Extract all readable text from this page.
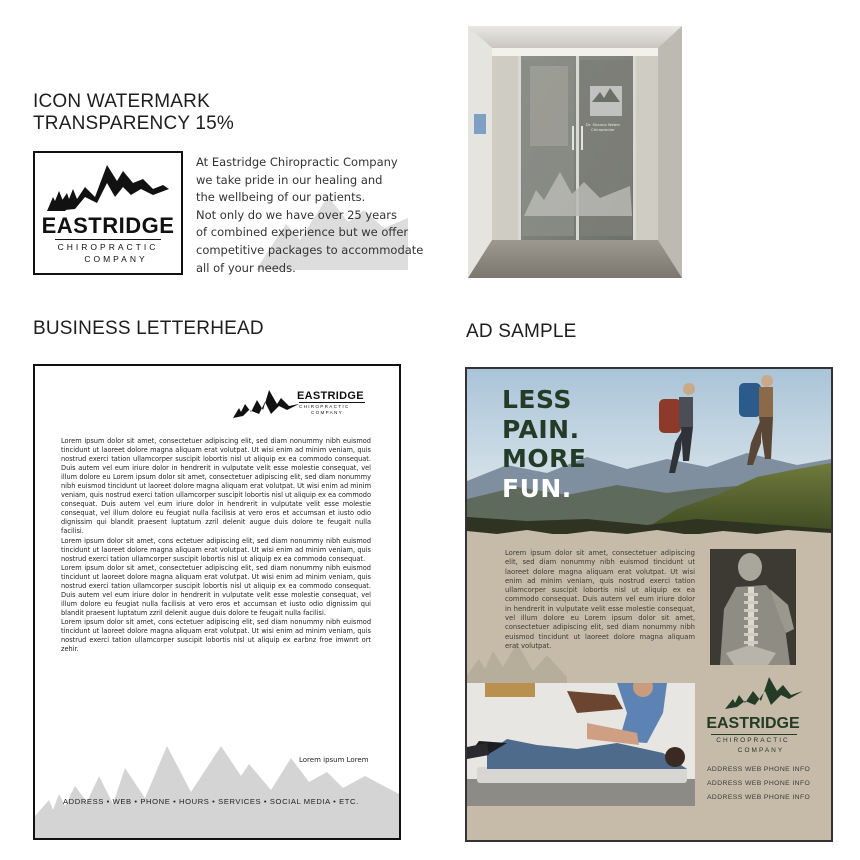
ICON WATERMARK
TRANSPARENCY 15%
EASTRIDGE
CHIROPRACTIC
COMPANY
At Eastridge Chiropractic Company
we take pride in our healing and
the wellbeing of our patients.
Not only do we have over 25 years
of combined experience but we offer
competitive packages to accommodate
all of your needs.
Dr. Shanna Weber
Chiropractor
BUSINESS LETTERHEAD
EASTRIDGE
CHIROPRACTIC
COMPANY

Lorem ipsum dolor sit amet, consectetuer adipiscing elit, sed diam nonummy nibh euismod tincidunt ut laoreet dolore magna aliquam erat volutpat. Ut wisi enim ad minim veniam, quis nostrud exerci tation ullamcorper suscipit lobortis nisl ut aliquip ex ea commodo consequat. Duis autem vel eum iriure dolor in hendrerit in vulputate velit esse molestie consequat, vel illum dolore eu Lorem ipsum dolor sit amet, consectetuer adipiscing elit, sed diam nonummy nibh euismod tincidunt ut laoreet dolore magna aliquam erat volutpat. Ut wisi enim ad minim veniam, quis nostrud exerci tation ullamcorper suscipit lobortis nisl ut aliquip ex ea commodo consequat. Duis autem vel eum iriure dolor in hendrerit in vulputate velit esse molestie consequat, vel illum dolore eu feugiat nulla facilisis at vero eros et accumsan et iusto odio dignissim qui blandit praesent luptatum zzril delenit augue duis dolore te feugait nulla facilisi.

Lorem ipsum dolor sit amet, cons ectetuer adipiscing elit, sed diam nonummy nibh euismod tincidunt ut laoreet dolore magna aliquam erat volutpat. Ut wisi enim ad minim veniam, quis nostrud exerci tation ullamcorper suscipit lobortis nisl ut aliquip ex ea commodo consequat.

Lorem ipsum dolor sit amet, consectetuer adipiscing elit, sed diam nonummy nibh euismod tincidunt ut laoreet dolore magna aliquam erat volutpat. Ut wisi enim ad minim veniam, quis nostrud exerci tation ullamcorper suscipit lobortis nisl ut aliquip ex ea commodo consequat. Duis autem vel eum iriure dolor in hendrerit in vulputate velit esse molestie consequat, vel illum dolore eu feugiat nulla facilisis at vero eros et accumsan et iusto odio dignissim qui blandit praesent luptatum zzril delenit augue duis dolore te feugait nulla facilisi.

Lorem ipsum dolor sit amet, cons ectetuer adipiscing elit, sed diam nonummy nibh euismod tincidunt ut laoreet dolore magna aliquam erat volutpat. Ut wisi enim ad minim veniam, quis nostrud exerci tation ullamcorper suscipit lobortis nisl ut aliquip ex earbnz froe imwnrt ort zehir.

Lorem ipsum Lorem
ADDRESS • WEB • PHONE • HOURS • SERVICES • SOCIAL MEDIA • ETC.
AD SAMPLE
LESS
PAIN.
MORE
FUN.
Lorem ipsum dolor sit amet, consectetuer adipiscing elit, sed diam nonummy nibh euismod tincidunt ut laoreet dolore magna aliquam erat volutpat. Ut wisi enim ad minim veniam, quis nostrud exerci tation ullamcorper suscipit lobortis nisl ut aliquip ex ea commodo consequat. Duis autem vel eum iriure dolor in hendrerit in vulputate velit esse molestie consequat, vel illum dolore eu Lorem ipsum dolor sit amet, consectetuer adipiscing elit, sed diam nonummy nibh euismod tincidunt ut laoreet dolore magna aliquam erat volutpat.
EASTRIDGE
CHIROPRACTIC
COMPANY
ADDRESS WEB PHONE INFO
ADDRESS WEB PHONE INFO
ADDRESS WEB PHONE INFO
